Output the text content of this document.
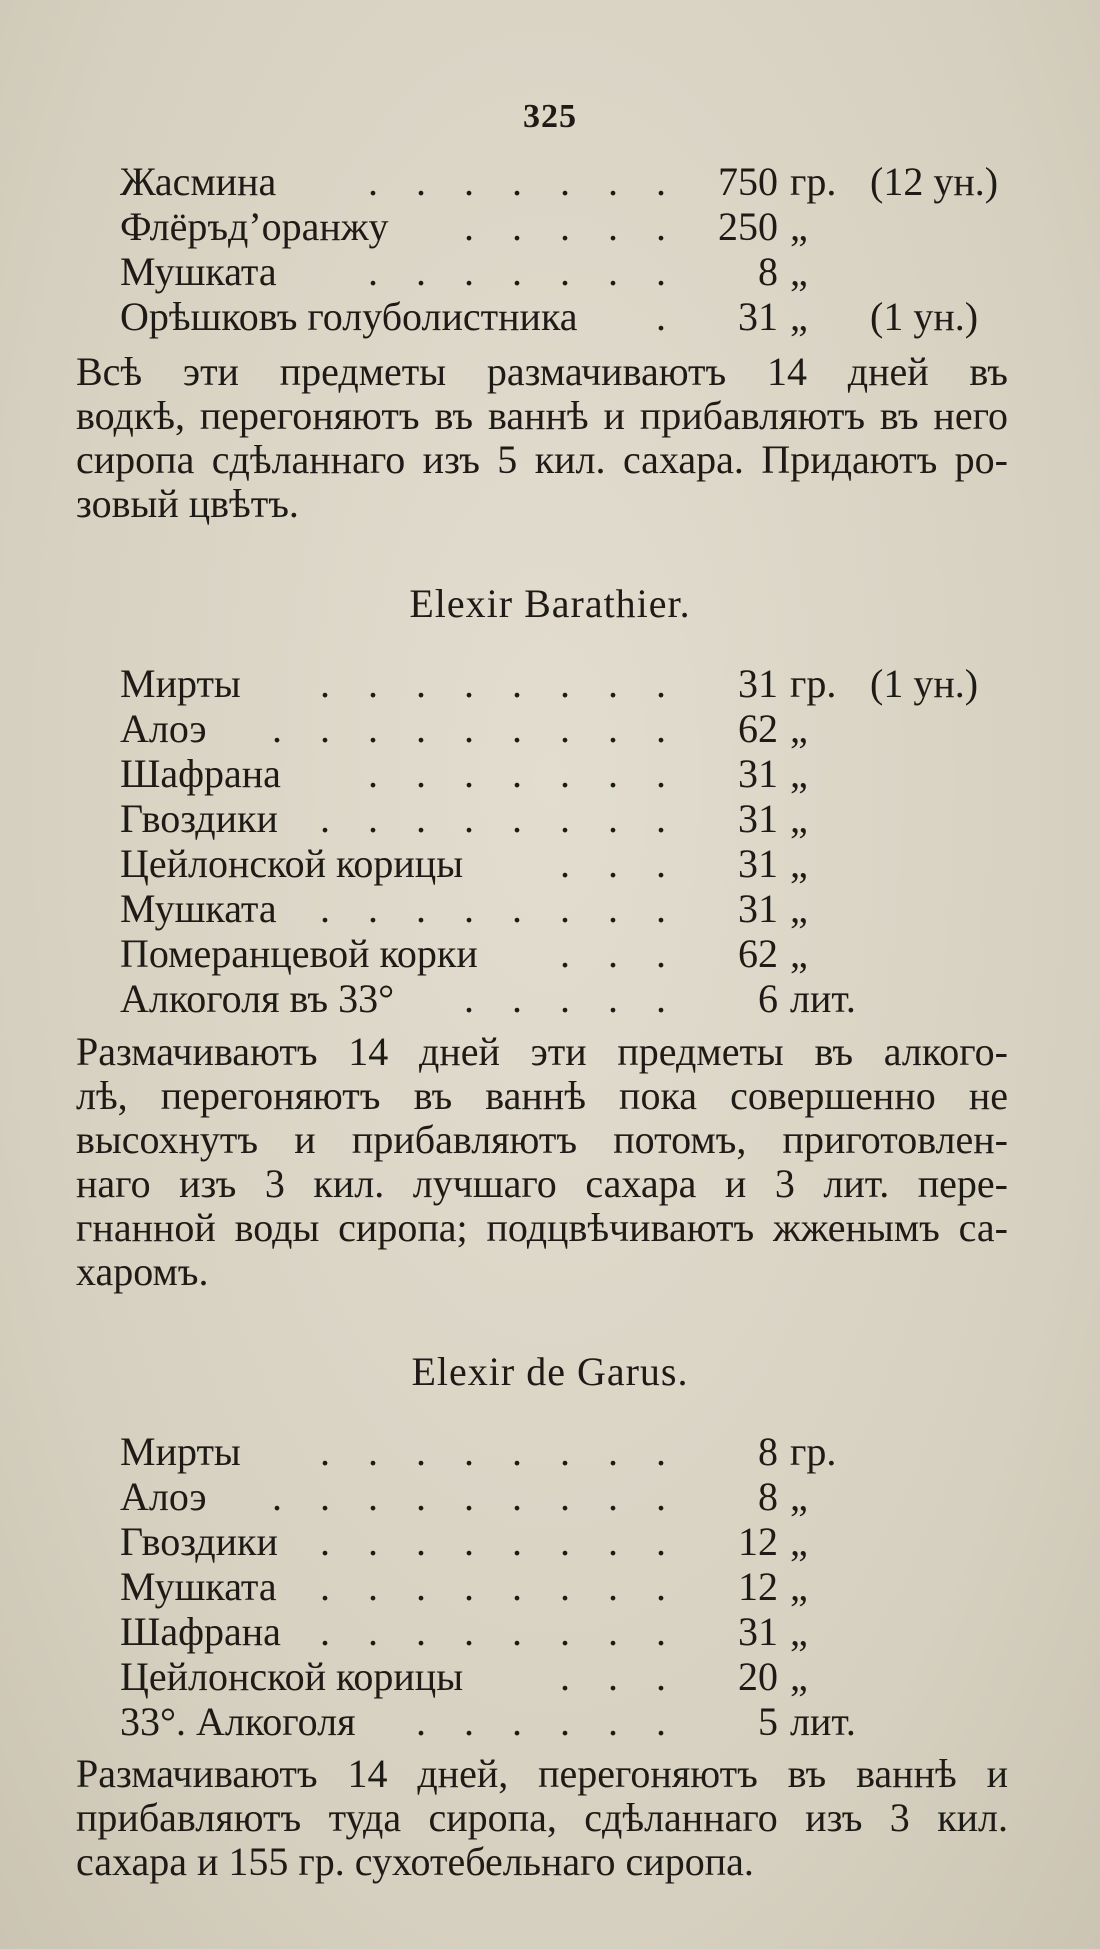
325
Жасмина . . . . . . . 750 гр. (12 ун.)
Флёръд’оранжу . . . . . 250 „
Мушката . . . . . . . 8 „
Орѣшковъ голуболистника . 31 „ (1 ун.)
Всѣ эти предметы размачиваютъ 14 дней въ
водкѣ, перегоняютъ въ ваннѣ и прибавляютъ въ него
сиропа сдѣланнаго изъ 5 кил. сахара. Придаютъ ро-
зовый цвѣтъ.
Elexir Barathier.
Мирты . . . . . . . . 31 гр. (1 ун.)
Алоэ . . . . . . . . . 62 „
Шафрана . . . . . . . 31 „
Гвоздики . . . . . . . . 31 „
Цейлонской корицы . . . 31 „
Мушката . . . . . . . . 31 „
Померанцевой корки . . . 62 „
Алкоголя въ 33° . . . . . 6 лит.
Размачиваютъ 14 дней эти предметы въ алкого-
лѣ, перегоняютъ въ ваннѣ пока совершенно не
высохнутъ и прибавляютъ потомъ, приготовлен-
наго изъ 3 кил. лучшаго сахара и 3 лит. пере-
гнанной воды сиропа; подцвѣчиваютъ жженымъ са-
харомъ.
Elexir de Garus.
Мирты . . . . . . . . 8 гр.
Алоэ . . . . . . . . . 8 „
Гвоздики . . . . . . . . 12 „
Мушката . . . . . . . . 12 „
Шафрана . . . . . . . . 31 „
Цейлонской корицы . . . 20 „
33°. Алкоголя . . . . . . 5 лит.
Размачиваютъ 14 дней, перегоняютъ въ ваннѣ и
прибавляютъ туда сиропа, сдѣланнаго изъ 3 кил.
сахара и 155 гр. сухотебельнаго сиропа.
